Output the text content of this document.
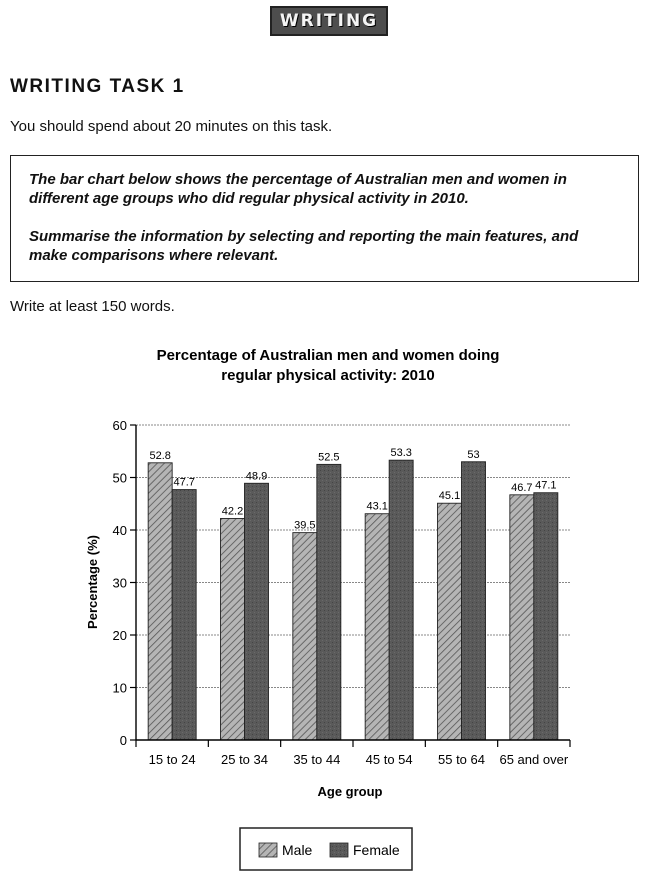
WRITING
WRITING TASK 1
You should spend about 20 minutes on this task.

The bar chart below shows the percentage of Australian men and women in different age groups who did regular physical activity in 2010.

Summarise the information by selecting and reporting the main features, and make comparisons where relevant.

Write at least 150 words.
Percentage of Australian men and women doing
regular physical activity: 2010
0
10
20
30
40
50
60
52.8
47.7
42.2
48.9
39.5
52.5
43.1
53.3
45.1
53
46.7 47.1
15 to 24 25 to 34 35 to 44 45 to 54 55 to 64 65 and over
Percentage (%)
Age group
Male	Female
